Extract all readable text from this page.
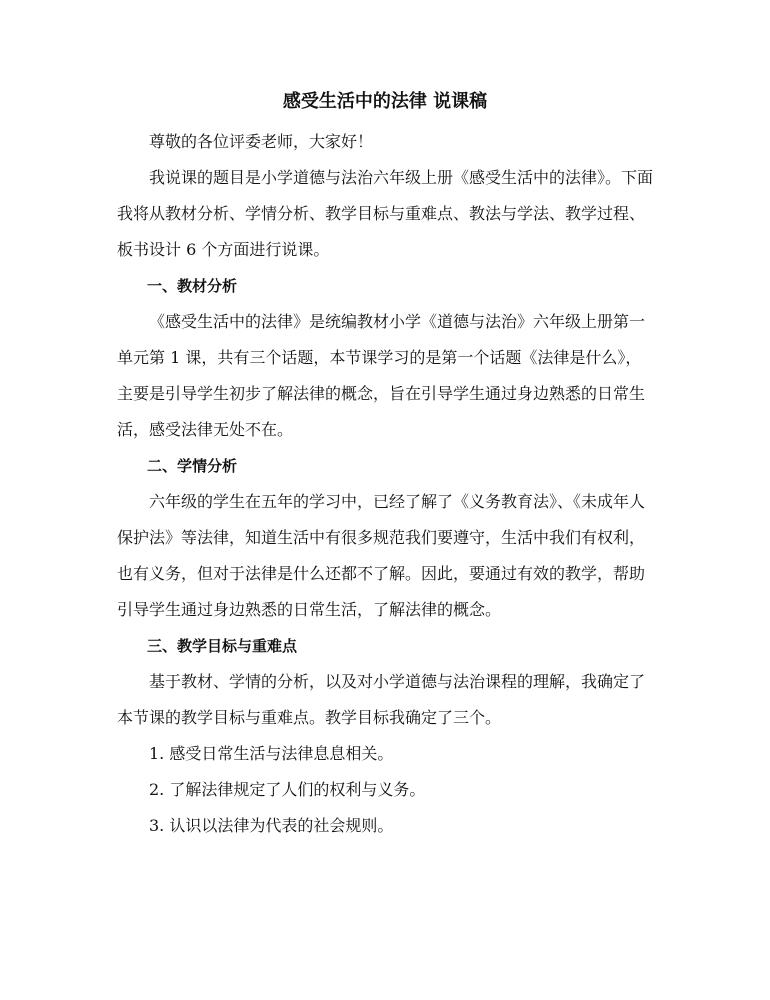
感受生活中的法律 说课稿

尊敬的各位评委老师，大家好！

我说课的题目是小学道德与法治六年级上册《感受生活中的法律》。下面我将从教材分析、学情分析、教学目标与重难点、教法与学法、教学过程、板书设计 6 个方面进行说课。

一、教材分析

《感受生活中的法律》是统编教材小学《道德与法治》六年级上册第一单元第 1 课，共有三个话题，本节课学习的是第一个话题《法律是什么》，主要是引导学生初步了解法律的概念，旨在引导学生通过身边熟悉的日常生活，感受法律无处不在。

二、学情分析

六年级的学生在五年的学习中，已经了解了《义务教育法》、《未成年人保护法》等法律，知道生活中有很多规范我们要遵守，生活中我们有权利，也有义务，但对于法律是什么还都不了解。因此，要通过有效的教学，帮助引导学生通过身边熟悉的日常生活，了解法律的概念。

三、教学目标与重难点

基于教材、学情的分析，以及对小学道德与法治课程的理解，我确定了本节课的教学目标与重难点。教学目标我确定了三个。

1. 感受日常生活与法律息息相关。

2. 了解法律规定了人们的权利与义务。

3. 认识以法律为代表的社会规则。
